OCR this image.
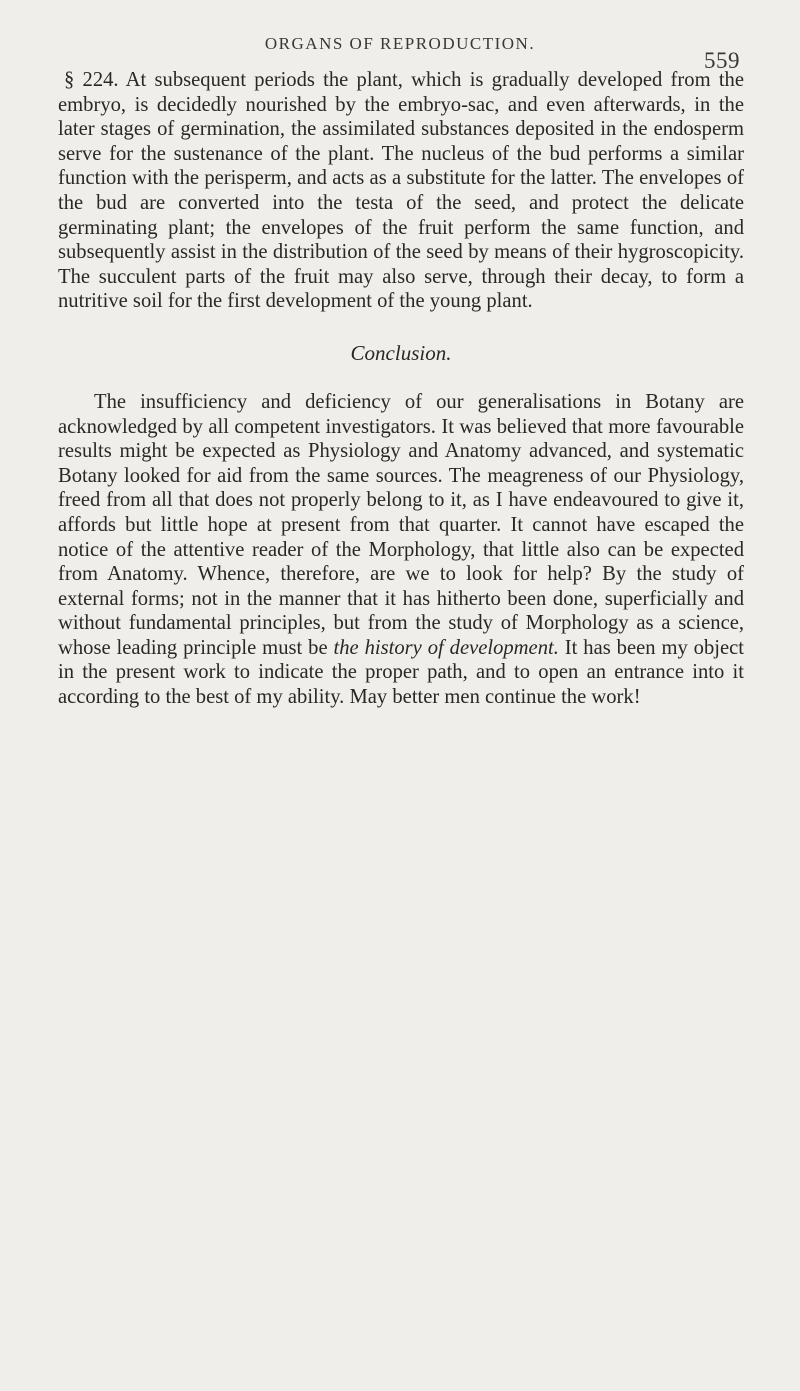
ORGANS OF REPRODUCTION.
559

§ 224. At subsequent periods the plant, which is gradually developed from the embryo, is decidedly nourished by the embryo-sac, and even afterwards, in the later stages of germination, the assimilated substances deposited in the endosperm serve for the sustenance of the plant. The nucleus of the bud performs a similar function with the perisperm, and acts as a substitute for the latter. The envelopes of the bud are converted into the testa of the seed, and protect the delicate germinating plant; the envelopes of the fruit perform the same function, and subsequently assist in the distribution of the seed by means of their hygroscopicity. The succulent parts of the fruit may also serve, through their decay, to form a nutritive soil for the first development of the young plant.

Conclusion.

The insufficiency and deficiency of our generalisations in Botany are acknowledged by all competent investigators. It was believed that more favourable results might be expected as Physiology and Anatomy advanced, and systematic Botany looked for aid from the same sources. The meagreness of our Physiology, freed from all that does not properly belong to it, as I have endeavoured to give it, affords but little hope at present from that quarter. It cannot have escaped the notice of the attentive reader of the Morphology, that little also can be expected from Anatomy. Whence, therefore, are we to look for help? By the study of external forms; not in the manner that it has hitherto been done, superficially and without fundamental principles, but from the study of Morphology as a science, whose leading principle must be the history of development. It has been my object in the present work to indicate the proper path, and to open an entrance into it according to the best of my ability. May better men continue the work!
